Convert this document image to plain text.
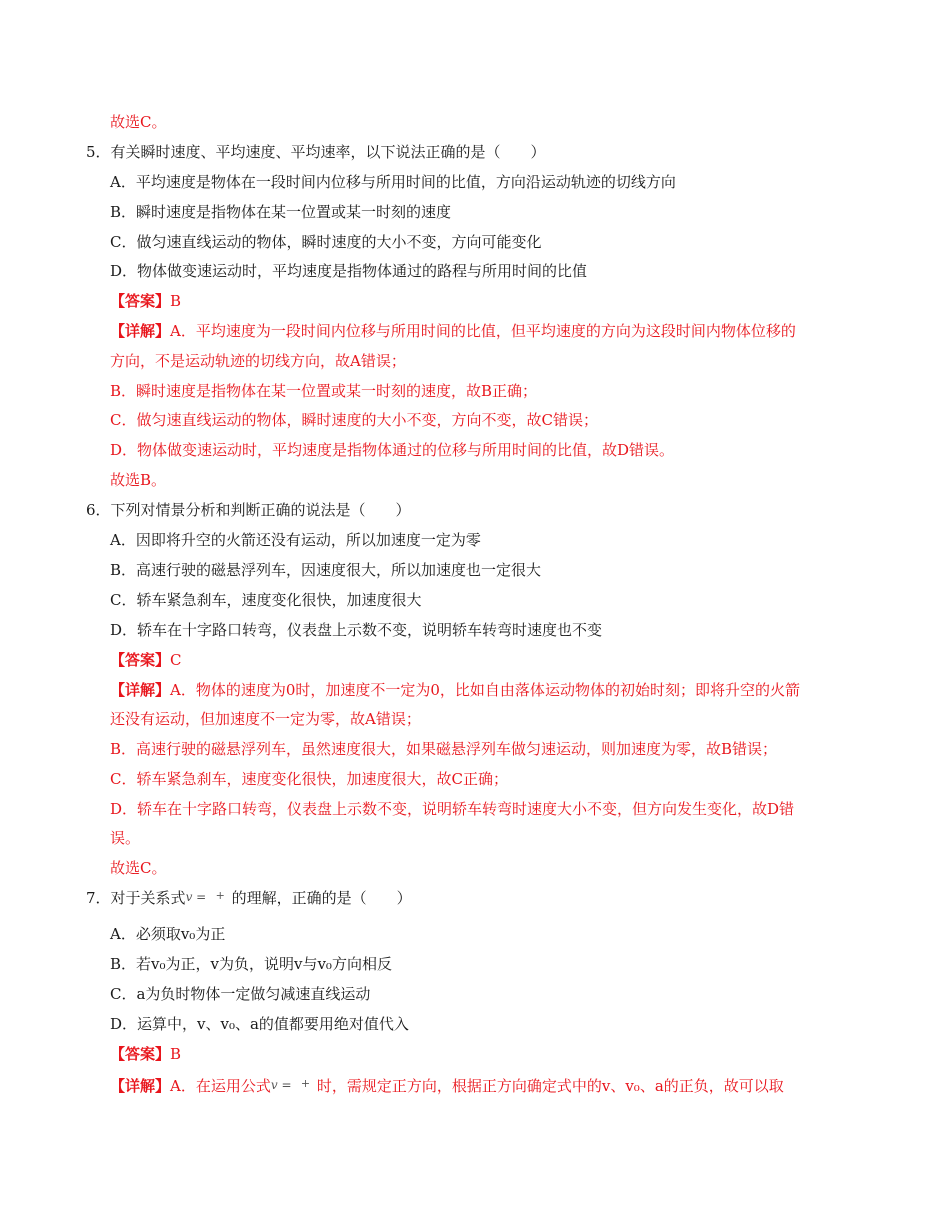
故选C。
5．有关瞬时速度、平均速度、平均速率，以下说法正确的是（　　）
A．平均速度是物体在一段时间内位移与所用时间的比值，方向沿运动轨迹的切线方向
B．瞬时速度是指物体在某一位置或某一时刻的速度
C．做匀速直线运动的物体，瞬时速度的大小不变，方向可能变化
D．物体做变速运动时，平均速度是指物体通过的路程与所用时间的比值
【答案】B
【详解】A．平均速度为一段时间内位移与所用时间的比值，但平均速度的方向为这段时间内物体位移的
方向，不是运动轨迹的切线方向，故A错误；
B．瞬时速度是指物体在某一位置或某一时刻的速度，故B正确；
C．做匀速直线运动的物体，瞬时速度的大小不变，方向不变，故C错误；
D．物体做变速运动时，平均速度是指物体通过的位移与所用时间的比值，故D错误。
故选B。
6．下列对情景分析和判断正确的说法是（　　）
A．因即将升空的火箭还没有运动，所以加速度一定为零
B．高速行驶的磁悬浮列车，因速度很大，所以加速度也一定很大
C．轿车紧急刹车，速度变化很快，加速度很大
D．轿车在十字路口转弯，仪表盘上示数不变，说明轿车转弯时速度也不变
【答案】C
【详解】A．物体的速度为0时，加速度不一定为0，比如自由落体运动物体的初始时刻；即将升空的火箭
还没有运动，但加速度不一定为零，故A错误；
B．高速行驶的磁悬浮列车，虽然速度很大，如果磁悬浮列车做匀速运动，则加速度为零，故B错误；
C．轿车紧急刹车，速度变化很快，加速度很大，故C正确；
D．轿车在十字路口转弯，仪表盘上示数不变，说明轿车转弯时速度大小不变，但方向发生变化，故D错
误。
故选C。
7．对于关系式 v = + 的理解，正确的是（　　）
A．必须取v₀为正
B．若v₀为正，v为负，说明v与v₀方向相反
C．a为负时物体一定做匀减速直线运动
D．运算中，v、v₀、a的值都要用绝对值代入
【答案】B
【详解】A．在运用公式 v = + 时，需规定正方向，根据正方向确定式中的v、v₀、a的正负，故可以取
